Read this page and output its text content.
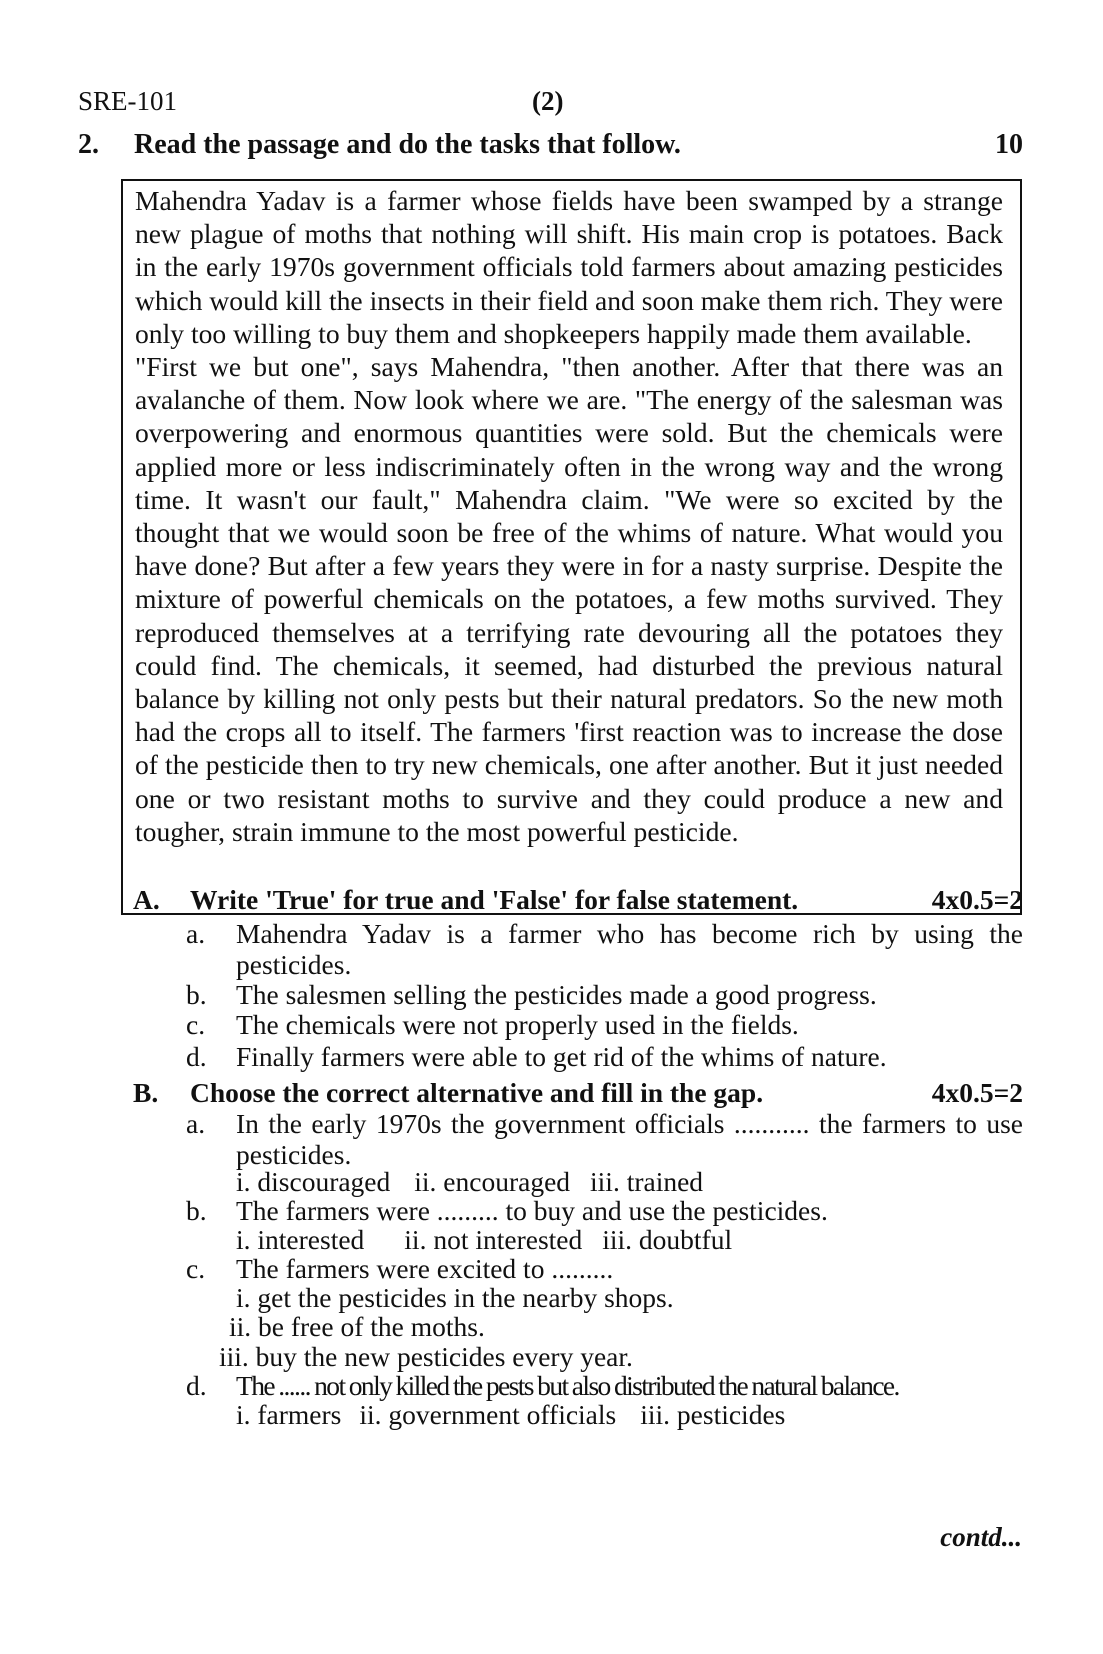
SRE-101	(2)
2. Read the passage and do the tasks that follow.	10

Mahendra Yadav is a farmer whose fields have been swamped by a strange new plague of moths that nothing will shift. His main crop is potatoes. Back in the early 1970s government officials told farmers about amazing pesticides which would kill the insects in their field and soon make them rich. They were only too willing to buy them and shopkeepers happily made them available.

"First we but one", says Mahendra, "then another. After that there was an avalanche of them. Now look where we are. "The energy of the salesman was overpowering and enormous quantities were sold. But the chemicals were applied more or less indiscriminately often in the wrong way and the wrong time. It wasn't our fault," Mahendra claim. "We were so excited by the thought that we would soon be free of the whims of nature. What would you have done? But after a few years they were in for a nasty surprise. Despite the mixture of powerful chemicals on the potatoes, a few moths survived. They reproduced themselves at a terrifying rate devouring all the potatoes they could find. The chemicals, it seemed, had disturbed the previous natural balance by killing not only pests but their natural predators. So the new moth had the crops all to itself. The farmers 'first reaction was to increase the dose of the pesticide then to try new chemicals, one after another. But it just needed one or two resistant moths to survive and they could produce a new and tougher, strain immune to the most powerful pesticide.

A. Write 'True' for true and 'False' for false statement.	4x0.5=2
a. Mahendra Yadav is a farmer who has become rich by using the pesticides.
b. The salesmen selling the pesticides made a good progress.
c. The chemicals were not properly used in the fields.
d. Finally farmers were able to get rid of the whims of nature.
B. Choose the correct alternative and fill in the gap.	4x0.5=2
a. In the early 1970s the government officials ........... the farmers to use pesticides.
i. discouraged ii. encouraged iii. trained
b. The farmers were ......... to buy and use the pesticides.
i. interested ii. not interested iii. doubtful
c. The farmers were excited to .........
i. get the pesticides in the nearby shops.
ii. be free of the moths.
iii. buy the new pesticides every year.
d. The ...... not only killed the pests but also distributed the natural balance.
i. farmers ii. government officials iii. pesticides
contd...
